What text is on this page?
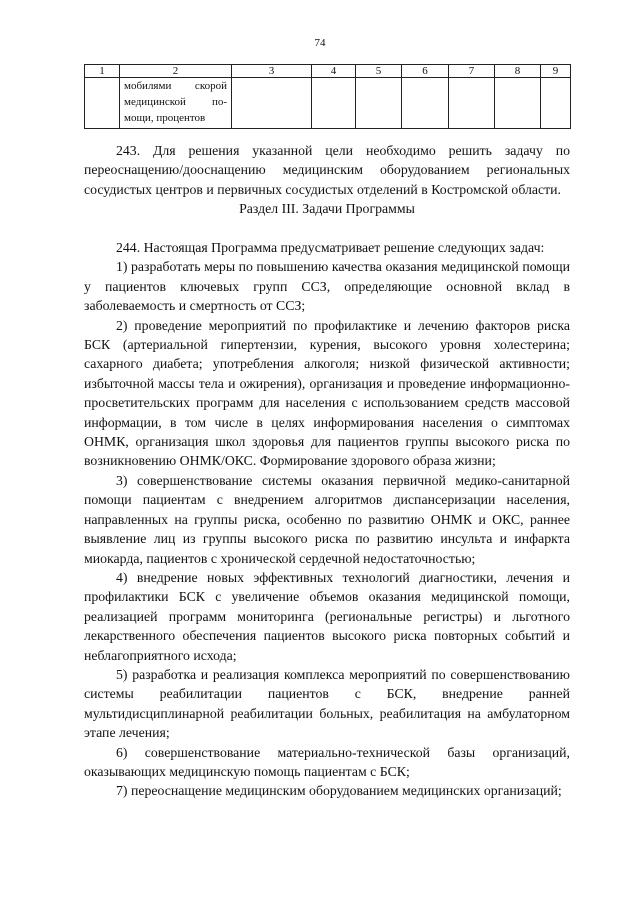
74
1	2	3	4	5	6	7	8	9

	мобилями скорой
медицинской по-
мощи, процентов							

243. Для решения указанной цели необходимо решить задачу по переоснащению/дооснащению медицинским оборудованием региональных сосудистых центров и первичных сосудистых отделений в Костромской области.

Раздел III. Задачи Программы

244. Настоящая Программа предусматривает решение следующих задач:

1) разработать меры по повышению качества оказания медицинской помощи у пациентов ключевых групп ССЗ, определяющие основной вклад в заболеваемость и смертность от ССЗ;

2) проведение мероприятий по профилактике и лечению факторов риска БСК (артериальной гипертензии, курения, высокого уровня холестерина; сахарного диабета; употребления алкоголя; низкой физической активности; избыточной массы тела и ожирения), организация и проведение информационно-просветительских программ для населения с использованием средств массовой информации, в том числе в целях информирования населения о симптомах ОНМК, организация школ здоровья для пациентов группы высокого риска по возникновению ОНМК/ОКС. Формирование здорового образа жизни;

3) совершенствование системы оказания первичной медико-санитарной помощи пациентам с внедрением алгоритмов диспансеризации населения, направленных на группы риска, особенно по развитию ОНМК и ОКС, раннее выявление лиц из группы высокого риска по развитию инсульта и инфаркта миокарда, пациентов с хронической сердечной недостаточностью;

4) внедрение новых эффективных технологий диагностики, лечения и профилактики БСК с увеличение объемов оказания медицинской помощи, реализацией программ мониторинга (региональные регистры) и льготного лекарственного обеспечения пациентов высокого риска повторных событий и неблагоприятного исхода;

5) разработка и реализация комплекса мероприятий по совершенствованию системы реабилитации пациентов с БСК, внедрение ранней мультидисциплинарной реабилитации больных, реабилитация на амбулаторном этапе лечения;

6) совершенствование материально-технической базы организаций, оказывающих медицинскую помощь пациентам с БСК;

7) переоснащение медицинским оборудованием медицинских организаций;
